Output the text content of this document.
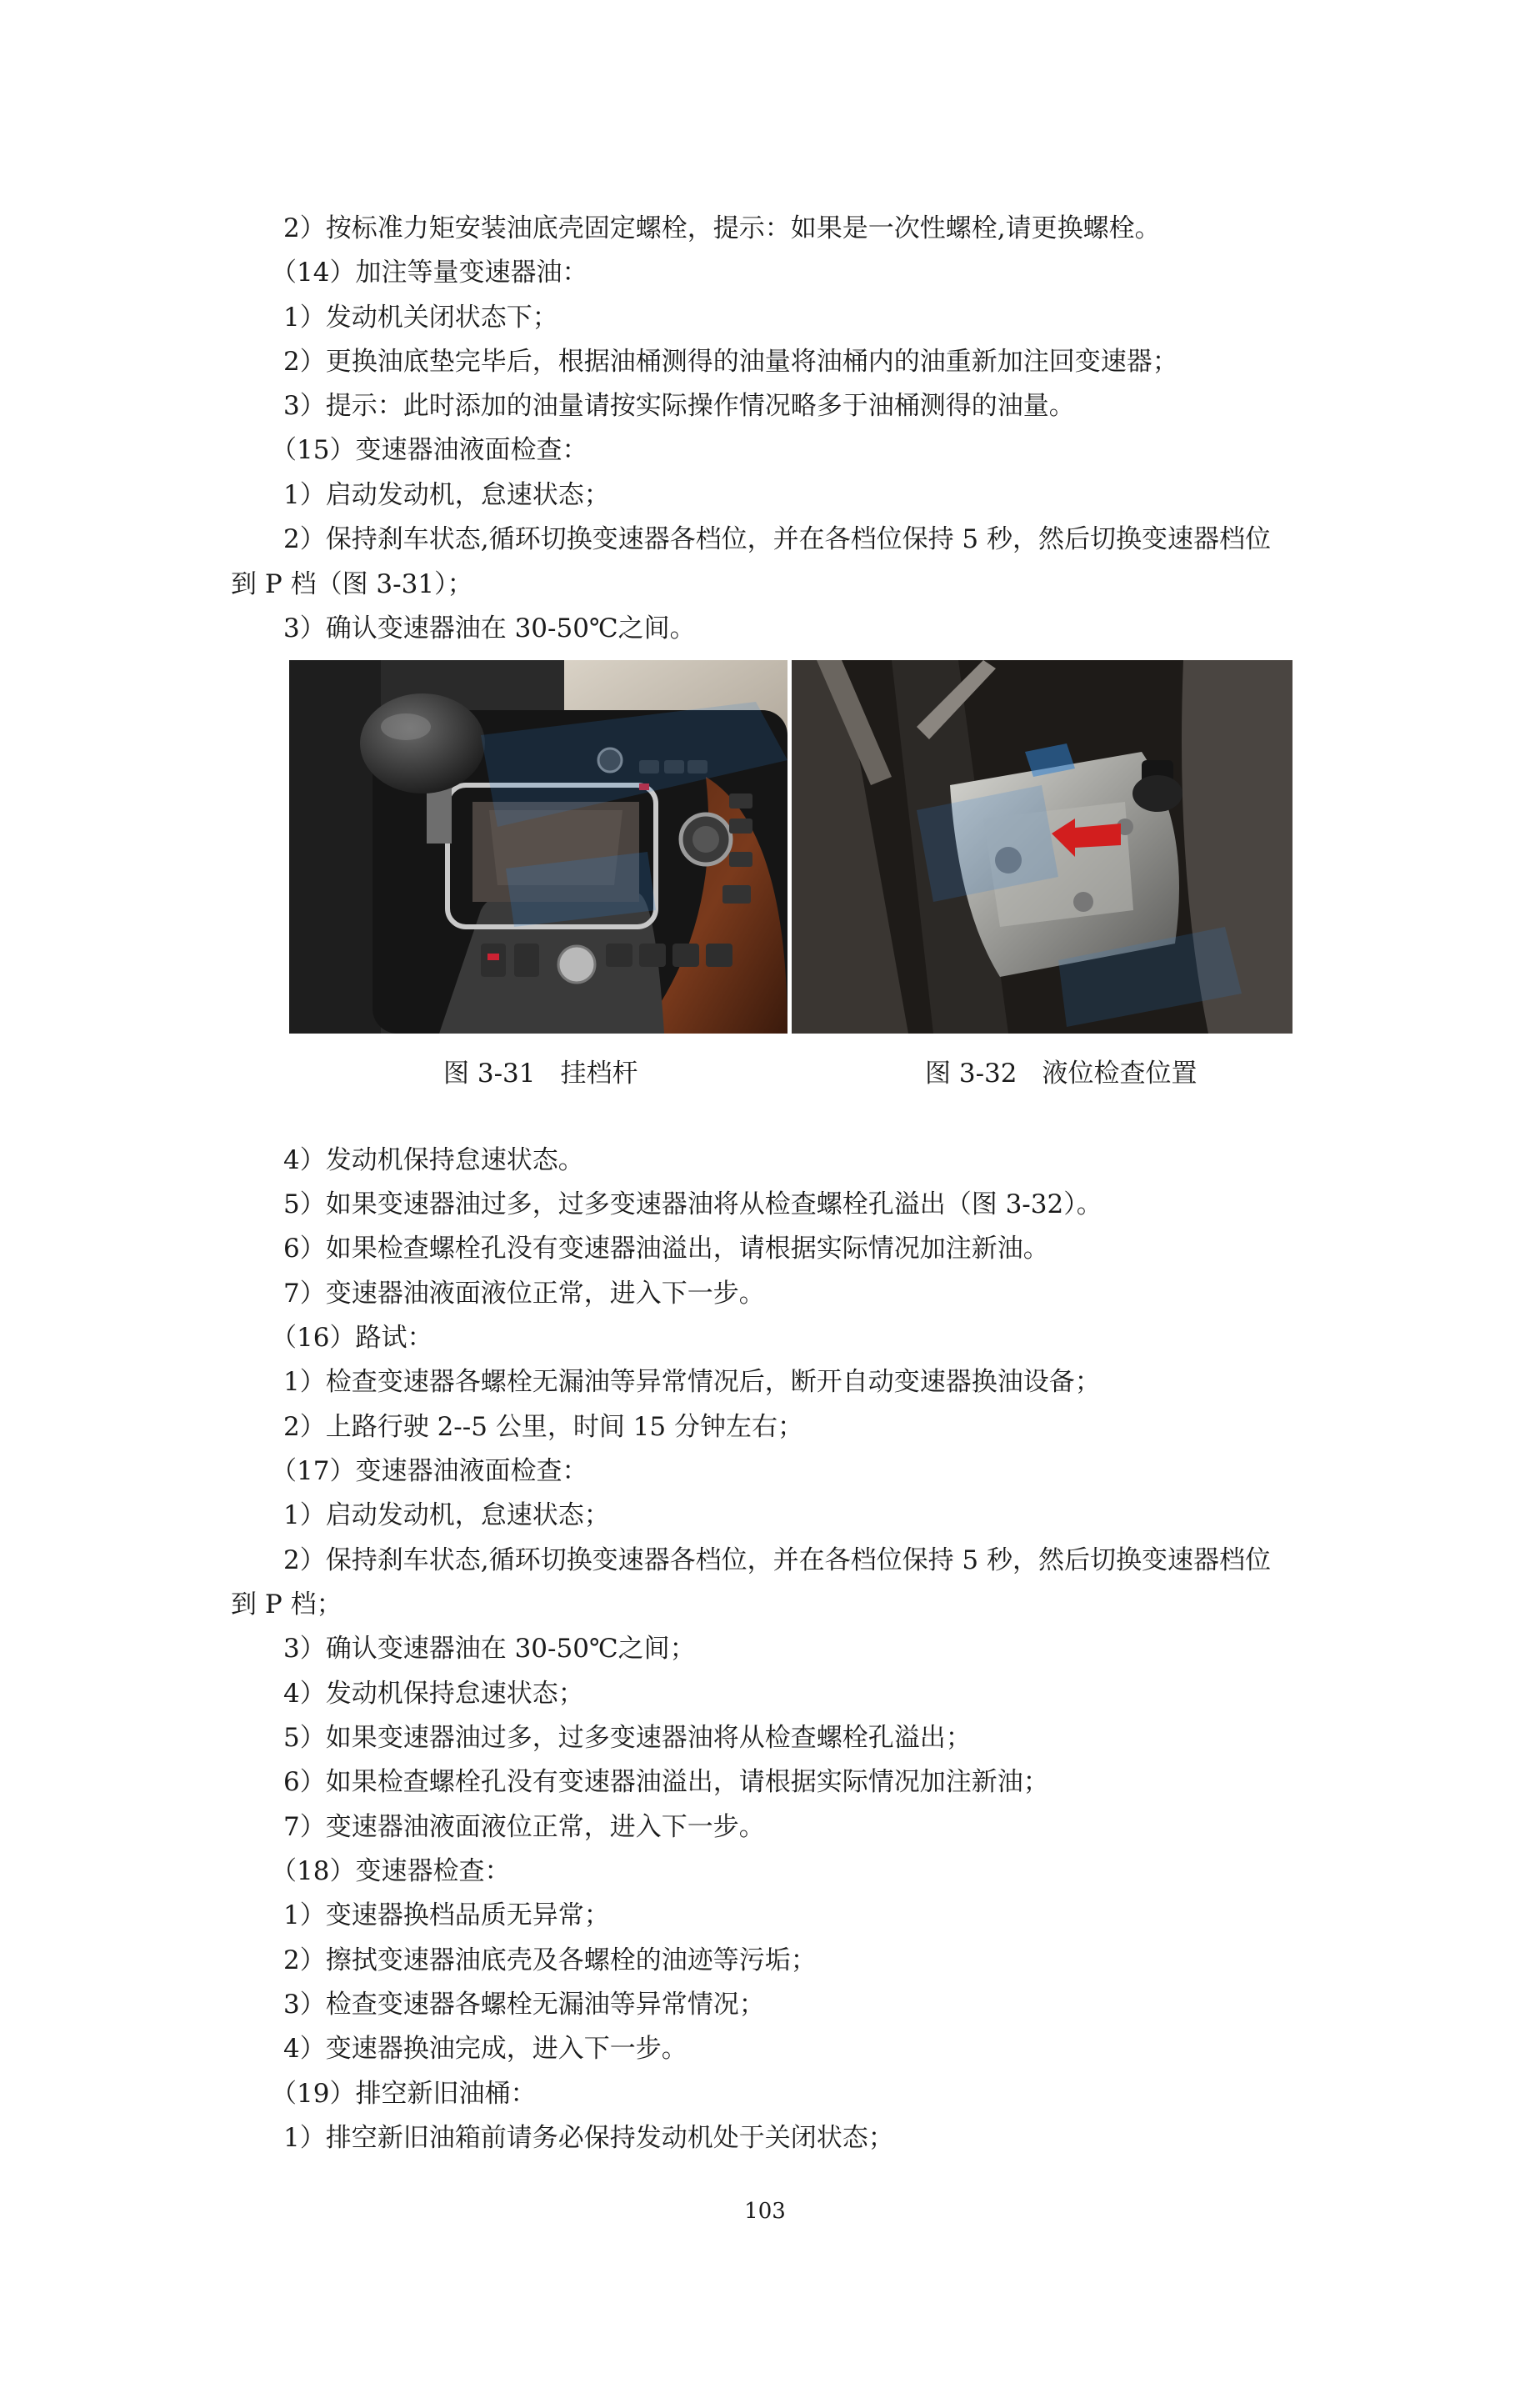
2）按标准力矩安装油底壳固定螺栓，提示：如果是一次性螺栓,请更换螺栓。
（14）加注等量变速器油：
1）发动机关闭状态下；
2）更换油底垫完毕后，根据油桶测得的油量将油桶内的油重新加注回变速器；
3）提示：此时添加的油量请按实际操作情况略多于油桶测得的油量。
（15）变速器油液面检查：
1）启动发动机，怠速状态；
2）保持刹车状态,循环切换变速器各档位，并在各档位保持 5 秒，然后切换变速器档位
到 P 档（图 3-31）；
3）确认变速器油在 30-50℃之间。
图 3-31 挂档杆	图 3-32 液位检查位置
4）发动机保持怠速状态。
5）如果变速器油过多，过多变速器油将从检查螺栓孔溢出（图 3-32）。
6）如果检查螺栓孔没有变速器油溢出，请根据实际情况加注新油。
7）变速器油液面液位正常，进入下一步。
（16）路试：
1）检查变速器各螺栓无漏油等异常情况后，断开自动变速器换油设备；
2）上路行驶 2--5 公里，时间 15 分钟左右；
（17）变速器油液面检查：
1）启动发动机，怠速状态；
2）保持刹车状态,循环切换变速器各档位，并在各档位保持 5 秒，然后切换变速器档位
到 P 档；
3）确认变速器油在 30-50℃之间；
4）发动机保持怠速状态；
5）如果变速器油过多，过多变速器油将从检查螺栓孔溢出；
6）如果检查螺栓孔没有变速器油溢出，请根据实际情况加注新油；
7）变速器油液面液位正常，进入下一步。
（18）变速器检查：
1）变速器换档品质无异常；
2）擦拭变速器油底壳及各螺栓的油迹等污垢；
3）检查变速器各螺栓无漏油等异常情况；
4）变速器换油完成，进入下一步。
（19）排空新旧油桶：
1）排空新旧油箱前请务必保持发动机处于关闭状态；
103
